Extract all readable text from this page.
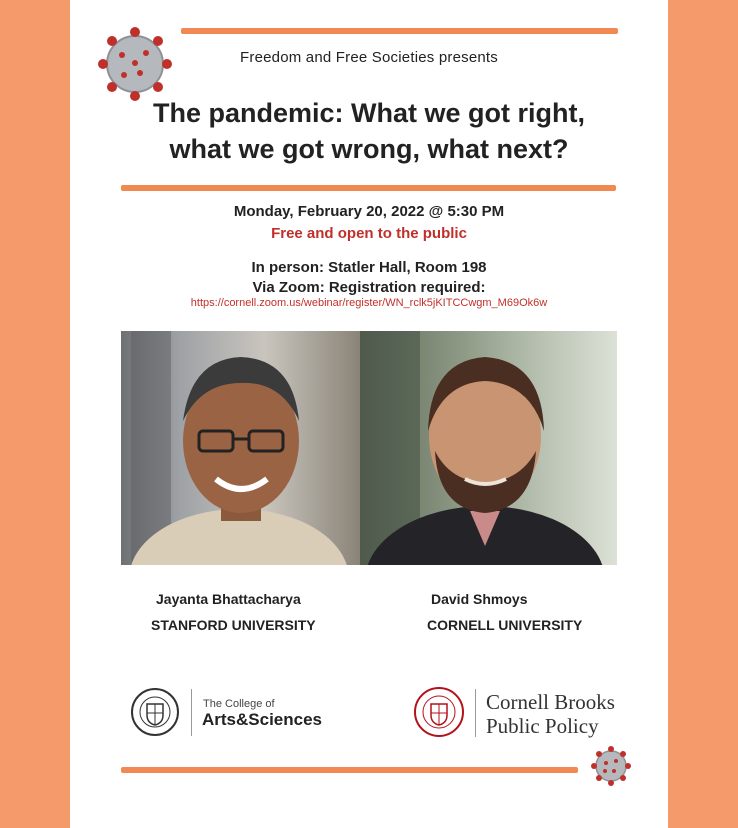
Freedom and Free Societies presents
The pandemic: What we got right,
what we got wrong, what next?
Monday, February 20, 2022 @ 5:30 PM
Free and open to the public
In person: Statler Hall, Room 198
Via Zoom: Registration required:
https://cornell.zoom.us/webinar/register/WN_rclk5jKITCCwgm_M69Ok6w
Jayanta Bhattacharya
STANFORD UNIVERSITY
David Shmoys
CORNELL UNIVERSITY
The College of
Arts&Sciences
Cornell Brooks
Public Policy
